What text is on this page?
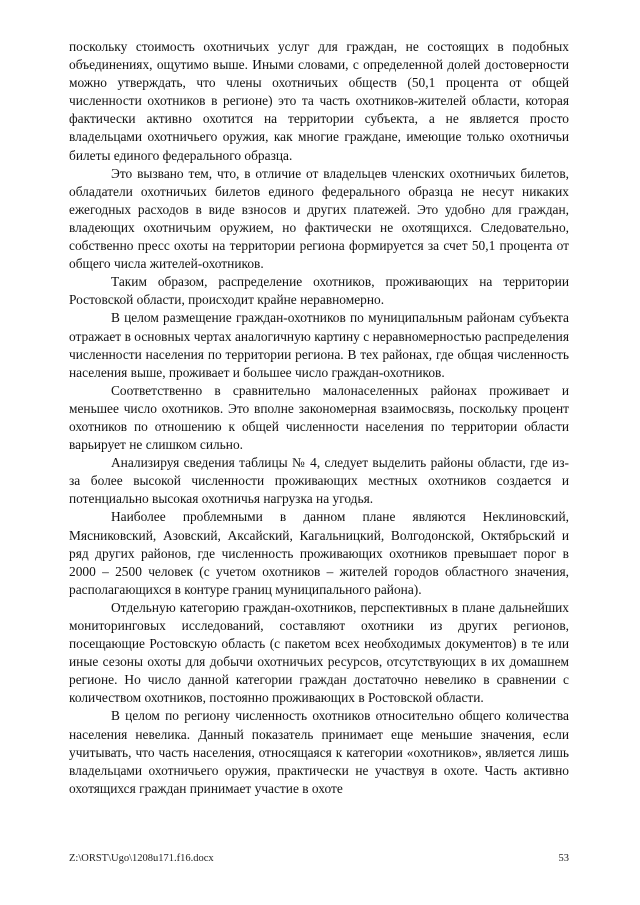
поскольку стоимость охотничьих услуг для граждан, не состоящих в подобных объединениях, ощутимо выше. Иными словами, с определенной долей достоверности можно утверждать, что члены охотничьих обществ (50,1 процента от общей численности охотников в регионе) это та часть охотников-жителей области, которая фактически активно охотится на территории субъекта, а не является просто владельцами охотничьего оружия, как многие граждане, имеющие только охотничьи билеты единого федерального образца.

Это вызвано тем, что, в отличие от владельцев членских охотничьих билетов, обладатели охотничьих билетов единого федерального образца не несут никаких ежегодных расходов в виде взносов и других платежей. Это удобно для граждан, владеющих охотничьим оружием, но фактически не охотящихся. Следовательно, собственно пресс охоты на территории региона формируется за счет 50,1 процента от общего числа жителей-охотников.

Таким образом, распределение охотников, проживающих на территории Ростовской области, происходит крайне неравномерно.

В целом размещение граждан-охотников по муниципальным районам субъекта отражает в основных чертах аналогичную картину с неравномерностью распределения численности населения по территории региона. В тех районах, где общая численность населения выше, проживает и большее число граждан-охотников.

Соответственно в сравнительно малонаселенных районах проживает и меньшее число охотников. Это вполне закономерная взаимосвязь, поскольку процент охотников по отношению к общей численности населения по территории области варьирует не слишком сильно.

Анализируя сведения таблицы № 4, следует выделить районы области, где из-за более высокой численности проживающих местных охотников создается и потенциально высокая охотничья нагрузка на угодья.

Наиболее проблемными в данном плане являются Неклиновский, Мясниковский, Азовский, Аксайский, Кагальницкий, Волгодонской, Октябрьский и ряд других районов, где численность проживающих охотников превышает порог в 2000 – 2500 человек (с учетом охотников – жителей городов областного значения, располагающихся в контуре границ муниципального района).

Отдельную категорию граждан-охотников, перспективных в плане дальнейших мониторинговых исследований, составляют охотники из других регионов, посещающие Ростовскую область (с пакетом всех необходимых документов) в те или иные сезоны охоты для добычи охотничьих ресурсов, отсутствующих в их домашнем регионе. Но число данной категории граждан достаточно невелико в сравнении с количеством охотников, постоянно проживающих в Ростовской области.

В целом по региону численность охотников относительно общего количества населения невелика. Данный показатель принимает еще меньшие значения, если учитывать, что часть населения, относящаяся к категории «охотников», является лишь владельцами охотничьего оружия, практически не участвуя в охоте. Часть активно охотящихся граждан принимает участие в охоте

Z:\ORST\Ugo\1208u171.f16.docx	53
